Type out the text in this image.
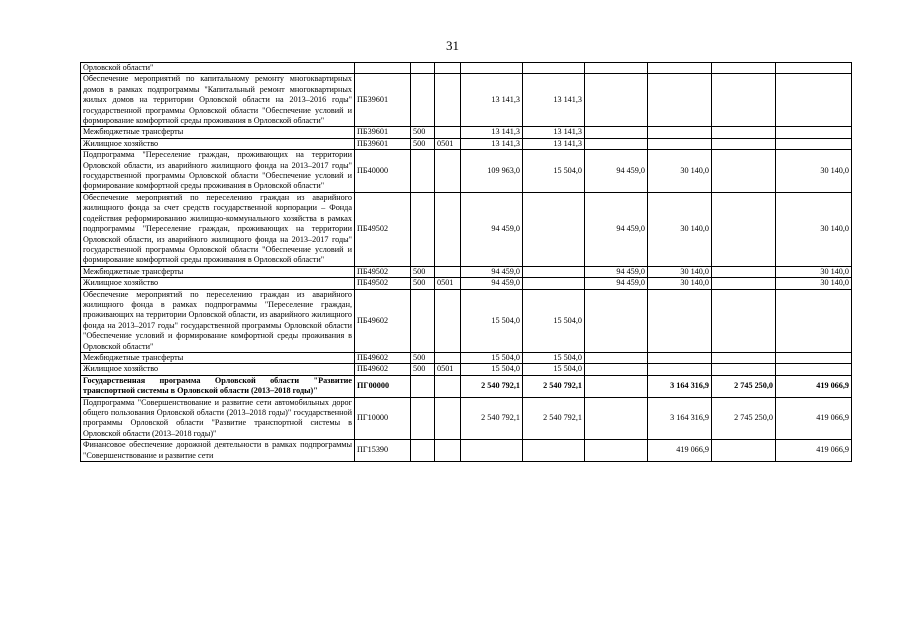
31
Орловской области"									
Обеспечение мероприятий по капитальному ремонту многоквартирных домов в рамках подпрограммы "Капитальный ремонт многоквартирных жилых домов на территории Орловской области на 2013–2016 годы" государственной программы Орловской области "Обеспечение условий и формирование комфортной среды проживания в Орловской области"	ПБ39601			13 141,3	13 141,3				
Межбюджетные трансферты	ПБ39601	500		13 141,3	13 141,3				
Жилищное хозяйство	ПБ39601	500	0501	13 141,3	13 141,3				
Подпрограмма "Переселение граждан, проживающих на территории Орловской области, из аварийного жилищного фонда на 2013–2017 годы" государственной программы Орловской области "Обеспечение условий и формирование комфортной среды проживания в Орловской области"	ПБ40000			109 963,0	15 504,0	94 459,0	30 140,0		30 140,0
Обеспечение мероприятий по переселению граждан из аварийного жилищного фонда за счет средств государственной корпорации – Фонда содействия реформированию жилищно-коммунального хозяйства в рамках подпрограммы "Переселение граждан, проживающих на территории Орловской области, из аварийного жилищного фонда на 2013–2017 годы" государственной программы Орловской области "Обеспечение условий и формирование комфортной среды проживания в Орловской области"	ПБ49502			94 459,0		94 459,0	30 140,0		30 140,0
Межбюджетные трансферты	ПБ49502	500		94 459,0		94 459,0	30 140,0		30 140,0
Жилищное хозяйство	ПБ49502	500	0501	94 459,0		94 459,0	30 140,0		30 140,0
Обеспечение мероприятий по переселению граждан из аварийного жилищного фонда в рамках подпрограммы "Переселение граждан, проживающих на территории Орловской области, из аварийного жилищного фонда на 2013–2017 годы" государственной программы Орловской области "Обеспечение условий и формирование комфортной среды проживания в Орловской области"	ПБ49602			15 504,0	15 504,0				
Межбюджетные трансферты	ПБ49602	500		15 504,0	15 504,0				
Жилищное хозяйство	ПБ49602	500	0501	15 504,0	15 504,0				
Государственная программа Орловской области "Развитие транспортной системы в Орловской области (2013–2018 годы)"	ПГ00000			2 540 792,1	2 540 792,1		3 164 316,9	2 745 250,0	419 066,9
Подпрограмма "Совершенствование и развитие сети автомобильных дорог общего пользования Орловской области (2013–2018 годы)" государственной программы Орловской области "Развитие транспортной системы в Орловской области (2013–2018 годы)"	ПГ10000			2 540 792,1	2 540 792,1		3 164 316,9	2 745 250,0	419 066,9
Финансовое обеспечение дорожной деятельности в рамках подпрограммы "Совершенствование и развитие сети	ПГ15390						419 066,9		419 066,9
